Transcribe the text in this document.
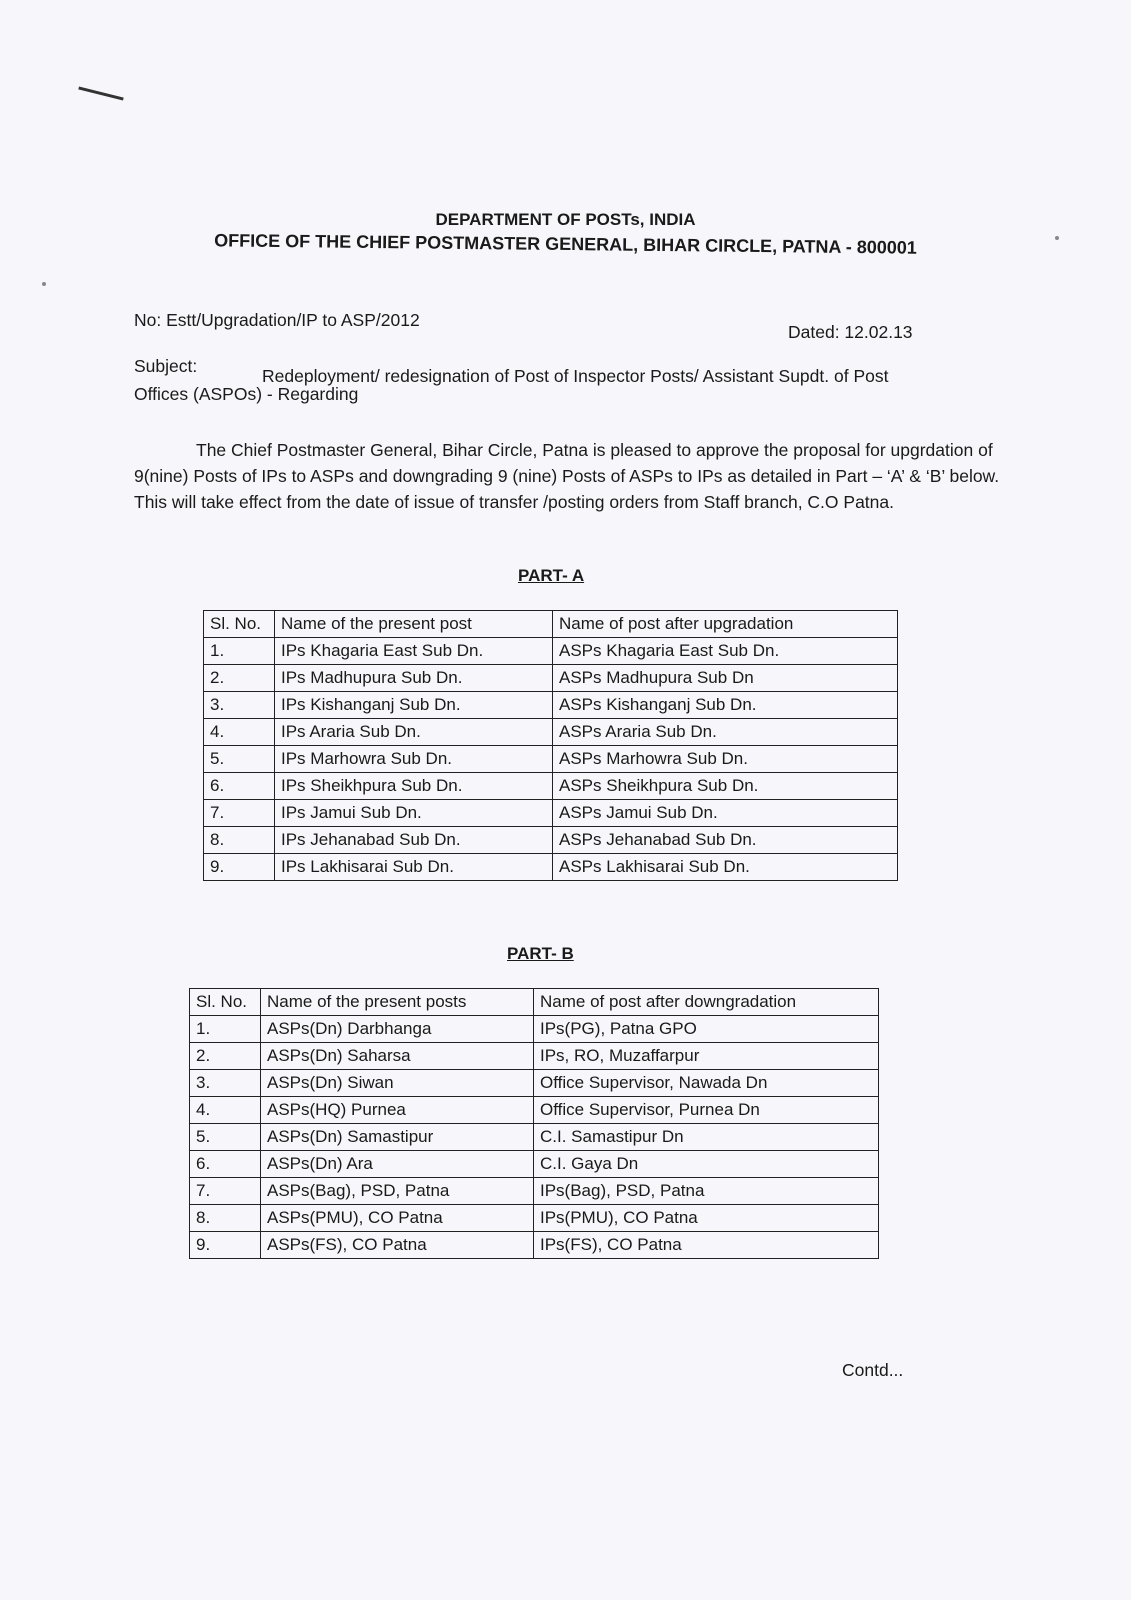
DEPARTMENT OF POSTs, INDIA
OFFICE OF THE CHIEF POSTMASTER GENERAL, BIHAR CIRCLE, PATNA - 800001
No: Estt/Upgradation/IP to ASP/2012
Dated: 12.02.13
Subject:	Redeployment/ redesignation of Post of Inspector Posts/ Assistant Supdt. of Post
Offices (ASPOs) - Regarding
The Chief Postmaster General, Bihar Circle, Patna is pleased to approve the proposal for upgrdation of 9(nine) Posts of IPs to ASPs and downgrading 9 (nine) Posts of ASPs to IPs as detailed in Part – ‘A’ & ‘B’ below. This will take effect from the date of issue of transfer /posting orders from Staff branch, C.O Patna.
PART- A
Sl. No.	Name of the present post	Name of post after upgradation
1.	IPs Khagaria East Sub Dn.	ASPs Khagaria East Sub Dn.
2.	IPs Madhupura Sub Dn.	ASPs Madhupura Sub Dn
3.	IPs Kishanganj Sub Dn.	ASPs Kishanganj Sub Dn.
4.	IPs Araria Sub Dn.	ASPs Araria Sub Dn.
5.	IPs Marhowra Sub Dn.	ASPs Marhowra Sub Dn.
6.	IPs Sheikhpura Sub Dn.	ASPs Sheikhpura Sub Dn.
7.	IPs Jamui Sub Dn.	ASPs Jamui Sub Dn.
8.	IPs Jehanabad Sub Dn.	ASPs Jehanabad Sub Dn.
9.	IPs Lakhisarai Sub Dn.	ASPs Lakhisarai Sub Dn.
PART- B
Sl. No.	Name of the present posts	Name of post after downgradation
1.	ASPs(Dn) Darbhanga	IPs(PG), Patna GPO
2.	ASPs(Dn) Saharsa	IPs, RO, Muzaffarpur
3.	ASPs(Dn) Siwan	Office Supervisor, Nawada Dn
4.	ASPs(HQ) Purnea	Office Supervisor, Purnea Dn
5.	ASPs(Dn) Samastipur	C.I. Samastipur Dn
6.	ASPs(Dn) Ara	C.I. Gaya Dn
7.	ASPs(Bag), PSD, Patna	IPs(Bag), PSD, Patna
8.	ASPs(PMU), CO Patna	IPs(PMU), CO Patna
9.	ASPs(FS), CO Patna	IPs(FS), CO Patna
Contd...
